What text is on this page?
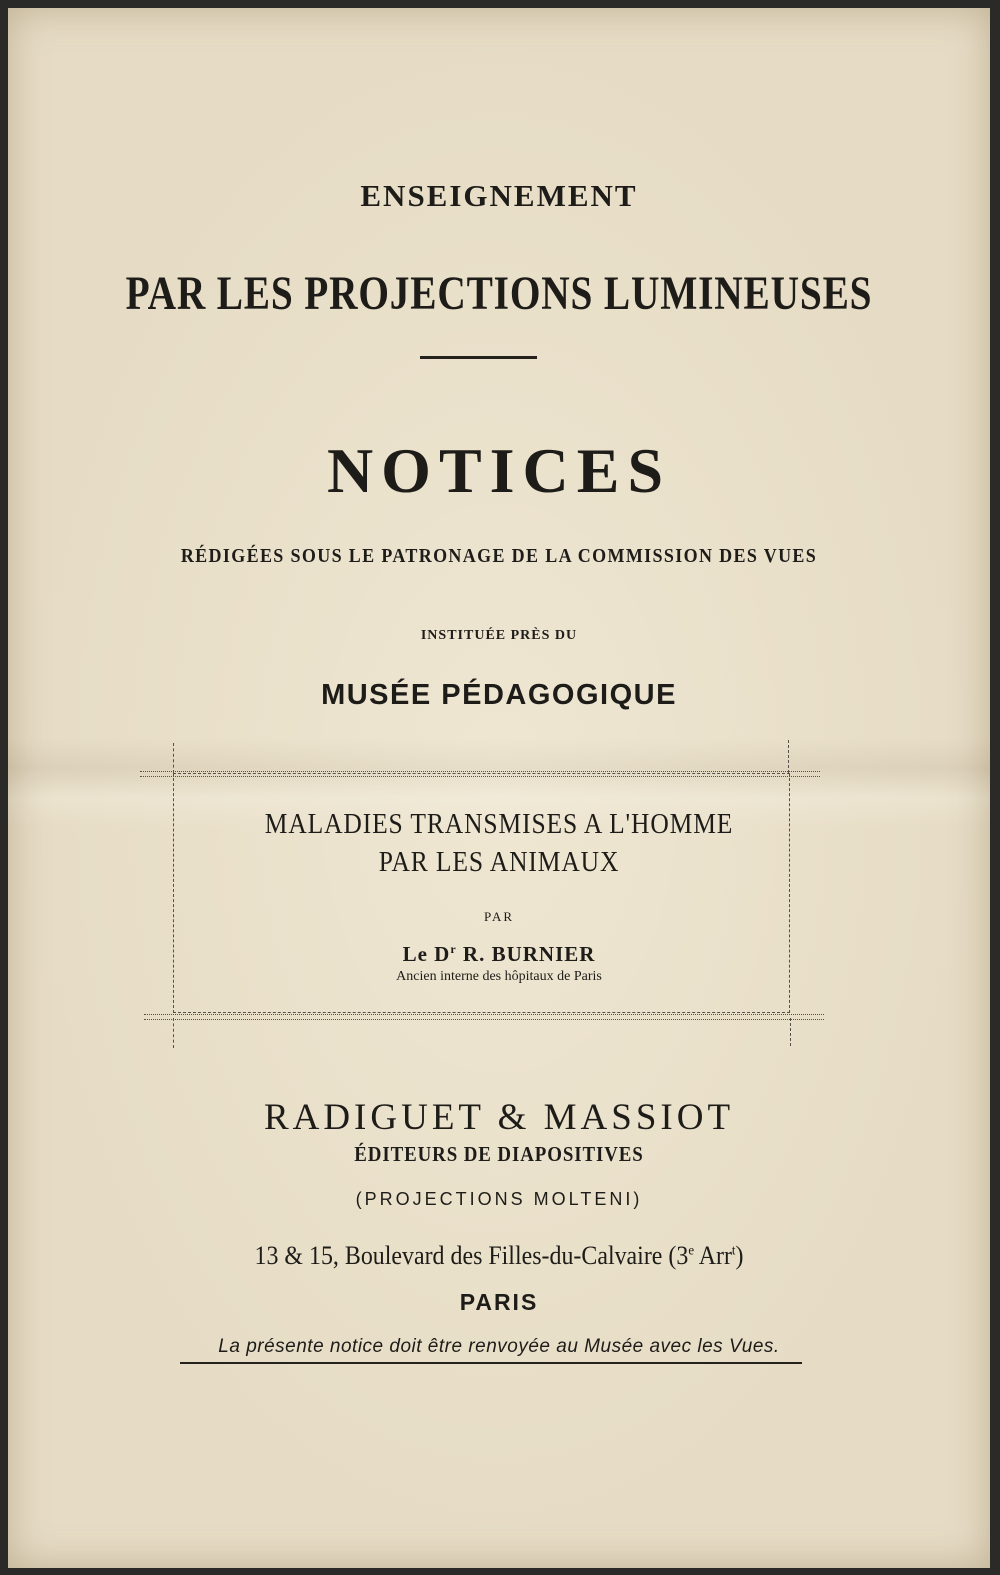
ENSEIGNEMENT
PAR LES PROJECTIONS LUMINEUSES
NOTICES
RÉDIGÉES SOUS LE PATRONAGE DE LA COMMISSION DES VUES
INSTITUÉE PRÈS DU
MUSÉE PÉDAGOGIQUE
MALADIES TRANSMISES A L'HOMME
PAR LES ANIMAUX
PAR
Le $D^r$ R. BURNIER
Ancien interne des hôpitaux de Paris
RADIGUET & MASSIOT
ÉDITEURS DE DIAPOSITIVES
(PROJECTIONS MOLTENI)
13 & 15, Boulevard des Filles-du-Calvaire (3e Arr$^t$)
PARIS
La présente notice doit être renvoyée au Musée avec les Vues.
